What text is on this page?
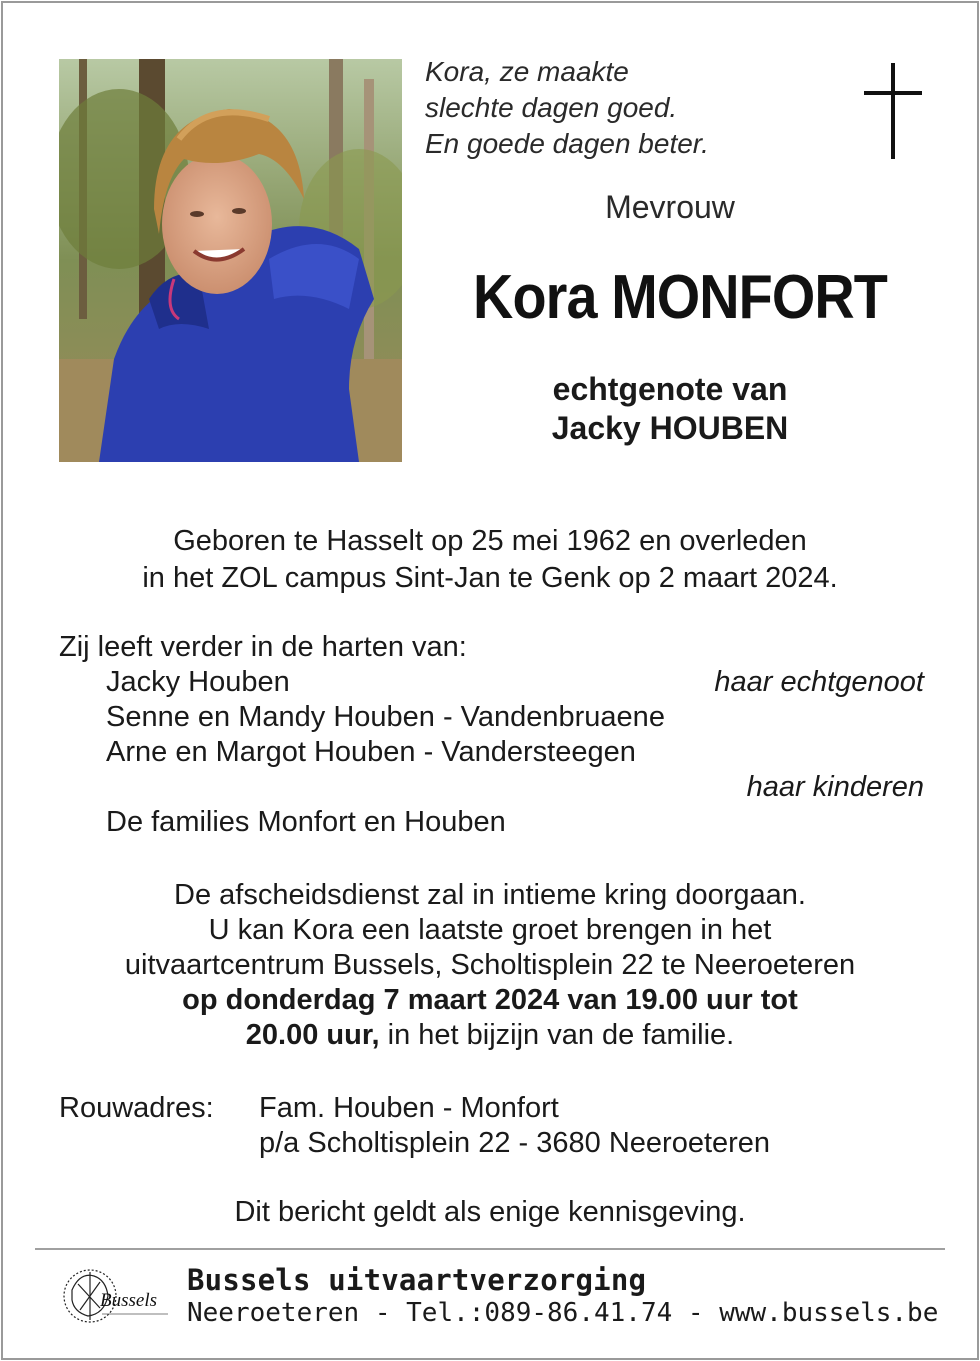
Kora, ze maakte
slechte dagen goed.
En goede dagen beter.
Mevrouw
Kora MONFORT
echtgenote van
Jacky HOUBEN
Geboren te Hasselt op 25 mei 1962 en overleden
in het ZOL campus Sint-Jan te Genk op 2 maart 2024.
Zij leeft verder in de harten van:
Jacky Houben	haar echtgenoot
Senne en Mandy Houben - Vandenbruaene
Arne en Margot Houben - Vandersteegen
haar kinderen
De families Monfort en Houben
De afscheidsdienst zal in intieme kring doorgaan.
U kan Kora een laatste groet brengen in het
uitvaartcentrum Bussels, Scholtisplein 22 te Neeroeteren
op donderdag 7 maart 2024 van 19.00 uur tot
20.00 uur, in het bijzijn van de familie.
Rouwadres: Fam. Houben - Monfort
p/a Scholtisplein 22 - 3680 Neeroeteren
Dit bericht geldt als enige kennisgeving.
Bussels
Bussels uitvaartverzorging
Neeroeteren - Tel.:089-86.41.74 - www.bussels.be
